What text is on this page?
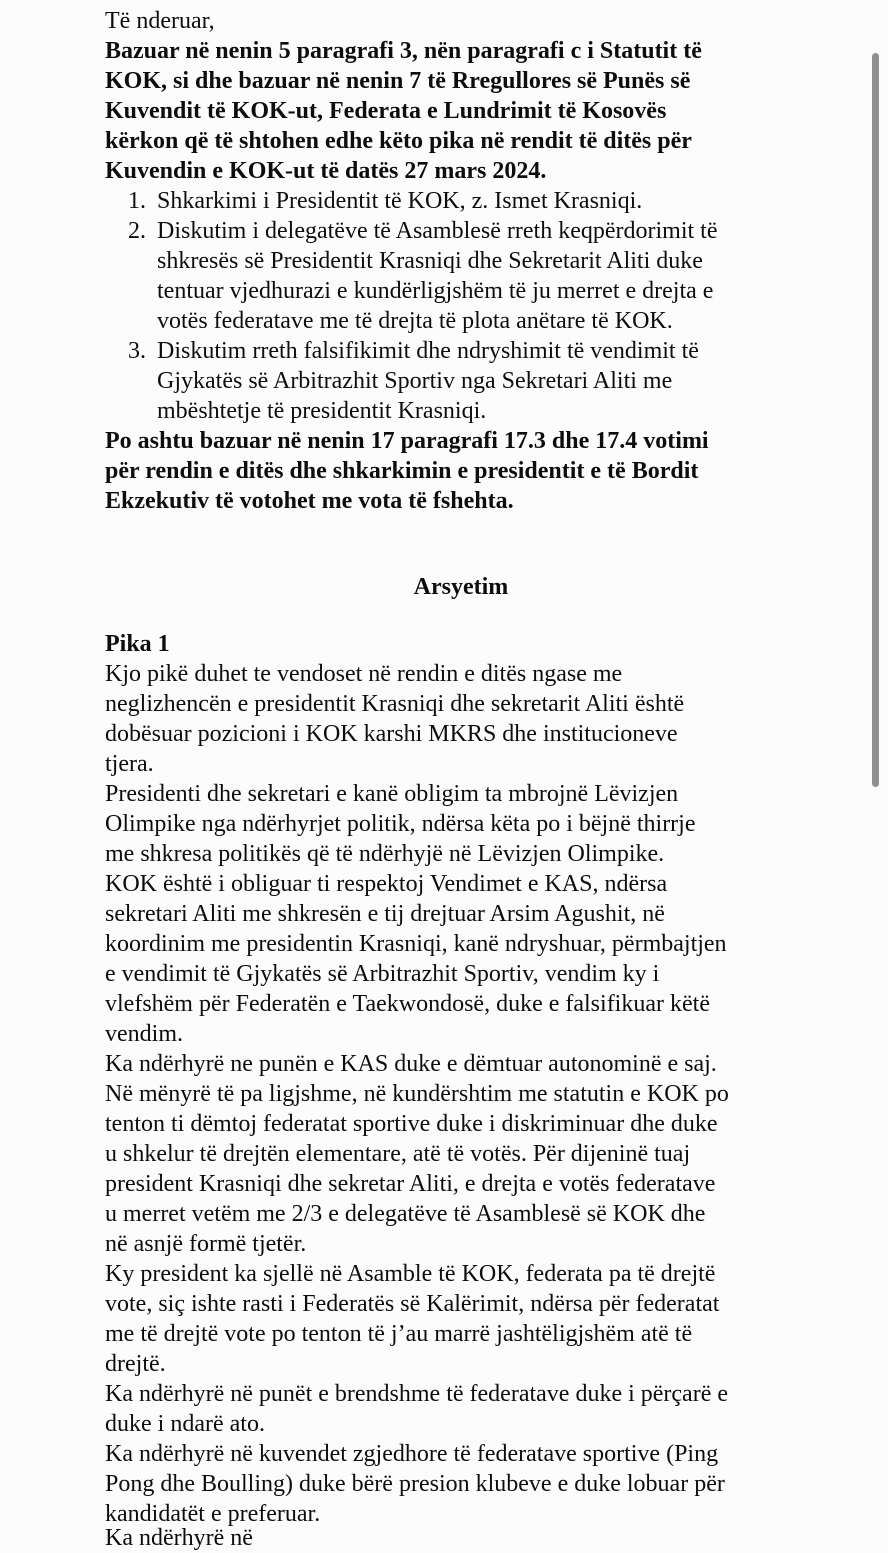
Të nderuar,
Bazuar në nenin 5 paragrafi 3, nën paragrafi c i Statutit të
KOK, si dhe bazuar në nenin 7 të Rregullores së Punës së
Kuvendit të KOK-ut, Federata e Lundrimit të Kosovës
kërkon që të shtohen edhe këto pika në rendit të ditës për
Kuvendin e KOK-ut të datës 27 mars 2024.
1. Shkarkimi i Presidentit të KOK, z. Ismet Krasniqi.
2. Diskutim i delegatëve të Asamblesë rreth keqpërdorimit të
shkresës së Presidentit Krasniqi dhe Sekretarit Aliti duke
tentuar vjedhurazi e kundërligjshëm të ju merret e drejta e
votës federatave me të drejta të plota anëtare të KOK.
3. Diskutim rreth falsifikimit dhe ndryshimit të vendimit të
Gjykatës së Arbitrazhit Sportiv nga Sekretari Aliti me
mbështetje të presidentit Krasniqi.
Po ashtu bazuar në nenin 17 paragrafi 17.3 dhe 17.4 votimi
për rendin e ditës dhe shkarkimin e presidentit e të Bordit
Ekzekutiv të votohet me vota të fshehta.
Arsyetim
Pika 1
Kjo pikë duhet te vendoset në rendin e ditës ngase me
neglizhencën e presidentit Krasniqi dhe sekretarit Aliti është
dobësuar pozicioni i KOK karshi MKRS dhe institucioneve
tjera.
Presidenti dhe sekretari e kanë obligim ta mbrojnë Lëvizjen
Olimpike nga ndërhyrjet politik, ndërsa këta po i bëjnë thirrje
me shkresa politikës që të ndërhyjë në Lëvizjen Olimpike.
KOK është i obliguar ti respektoj Vendimet e KAS, ndërsa
sekretari Aliti me shkresën e tij drejtuar Arsim Agushit, në
koordinim me presidentin Krasniqi, kanë ndryshuar, përmbajtjen
e vendimit të Gjykatës së Arbitrazhit Sportiv, vendim ky i
vlefshëm për Federatën e Taekwondosë, duke e falsifikuar këtë
vendim.
Ka ndërhyrë ne punën e KAS duke e dëmtuar autonominë e saj.
Në mënyrë të pa ligjshme, në kundërshtim me statutin e KOK po
tenton ti dëmtoj federatat sportive duke i diskriminuar dhe duke
u shkelur të drejtën elementare, atë të votës. Për dijeninë tuaj
president Krasniqi dhe sekretar Aliti, e drejta e votës federatave
u merret vetëm me 2/3 e delegatëve të Asamblesë së KOK dhe
në asnjë formë tjetër.
Ky president ka sjellë në Asamble të KOK, federata pa të drejtë
vote, siç ishte rasti i Federatës së Kalërimit, ndërsa për federatat
me të drejtë vote po tenton të j’au marrë jashtëligjshëm atë të
drejtë.
Ka ndërhyrë në punët e brendshme të federatave duke i përçarë e
duke i ndarë ato.
Ka ndërhyrë në kuvendet zgjedhore të federatave sportive (Ping
Pong dhe Boulling) duke bërë presion klubeve e duke lobuar për
kandidatët e preferuar.
Ka ndërhyrë në
